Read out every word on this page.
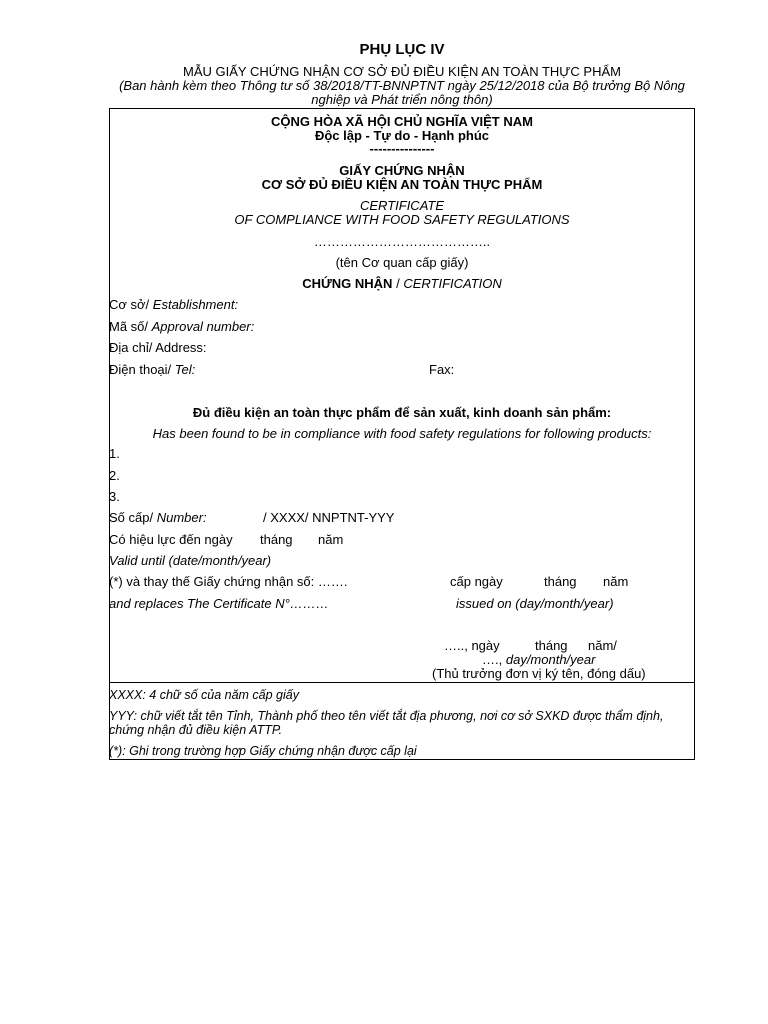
PHỤ LỤC IV
MẪU GIẤY CHỨNG NHẬN CƠ SỞ ĐỦ ĐIỀU KIỆN AN TOÀN THỰC PHẨM
(Ban hành kèm theo Thông tư số 38/2018/TT-BNNPTNT ngày 25/12/2018 của Bộ trưởng Bộ Nông
nghiệp và Phát triển nông thôn)
CỘNG HÒA XÃ HỘI CHỦ NGHĨA VIỆT NAM
Độc lập - Tự do - Hạnh phúc
---------------
GIẤY CHỨNG NHẬN
CƠ SỞ ĐỦ ĐIỀU KIỆN AN TOÀN THỰC PHẨM
CERTIFICATE
OF COMPLIANCE WITH FOOD SAFETY REGULATIONS
…………………………………..
(tên Cơ quan cấp giấy)
CHỨNG NHẬN / CERTIFICATION
Cơ sở/ Establishment:
Mã số/ Approval number:
Địa chỉ/ Address:
Điện thoại/ Tel:	Fax:
Đủ điều kiện an toàn thực phẩm để sản xuất, kinh doanh sản phẩm:
Has been found to be in compliance with food safety regulations for following products:
1.
2.
3.
Số cấp/ Number:	/ XXXX/ NNPTNT-YYY
Có hiệu lực đến ngày tháng năm
Valid until (date/month/year)
(*) và thay thế Giấy chứng nhận số: …….	cấp ngày	tháng năm
and replaces The Certificate N°………	issued on (day/month/year)
….., ngày	tháng năm/
…., day/month/year
(Thủ trưởng đơn vị ký tên, đóng dấu)
XXXX: 4 chữ số của năm cấp giấy
YYY: chữ viết tắt tên Tỉnh, Thành phố theo tên viết tắt địa phương, nơi cơ sở SXKD được thẩm định,
chứng nhận đủ điều kiện ATTP.
(*): Ghi trong trường hợp Giấy chứng nhận được cấp lại
